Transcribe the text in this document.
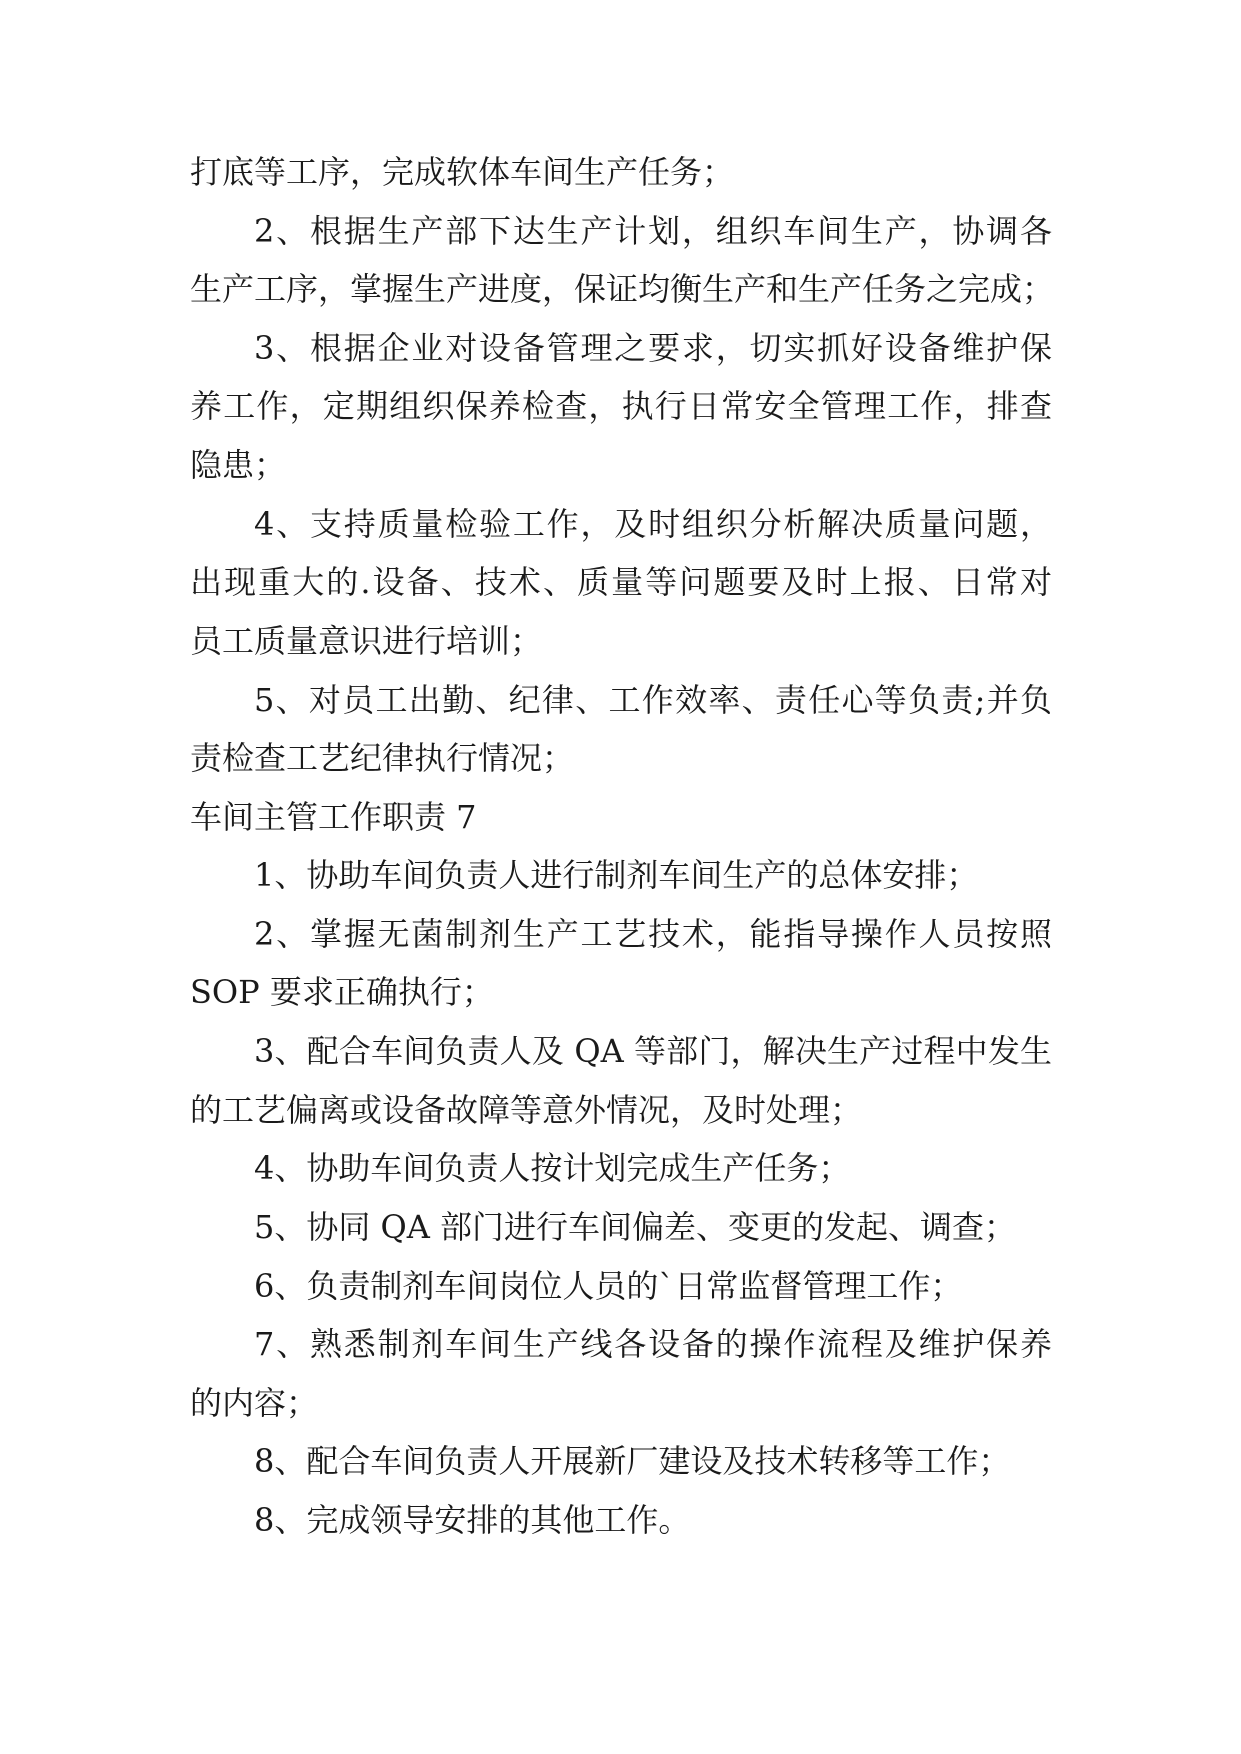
打底等工序，完成软体车间生产任务；
2、根据生产部下达生产计划，组织车间生产，协调各
生产工序，掌握生产进度，保证均衡生产和生产任务之完成；
3、根据企业对设备管理之要求，切实抓好设备维护保
养工作，定期组织保养检查，执行日常安全管理工作，排查
隐患；
4、支持质量检验工作，及时组织分析解决质量问题，
出现重大的.设备、技术、质量等问题要及时上报、日常对
员工质量意识进行培训；
5、对员工出勤、纪律、工作效率、责任心等负责;并负
责检查工艺纪律执行情况；
车间主管工作职责 7
1、协助车间负责人进行制剂车间生产的总体安排；
2、掌握无菌制剂生产工艺技术，能指导操作人员按照
SOP 要求正确执行；
3、配合车间负责人及 QA 等部门，解决生产过程中发生
的工艺偏离或设备故障等意外情况，及时处理；
4、协助车间负责人按计划完成生产任务；
5、协同 QA 部门进行车间偏差、变更的发起、调查；
6、负责制剂车间岗位人员的`日常监督管理工作；
7、熟悉制剂车间生产线各设备的操作流程及维护保养
的内容；
8、配合车间负责人开展新厂建设及技术转移等工作；
8、完成领导安排的其他工作。
